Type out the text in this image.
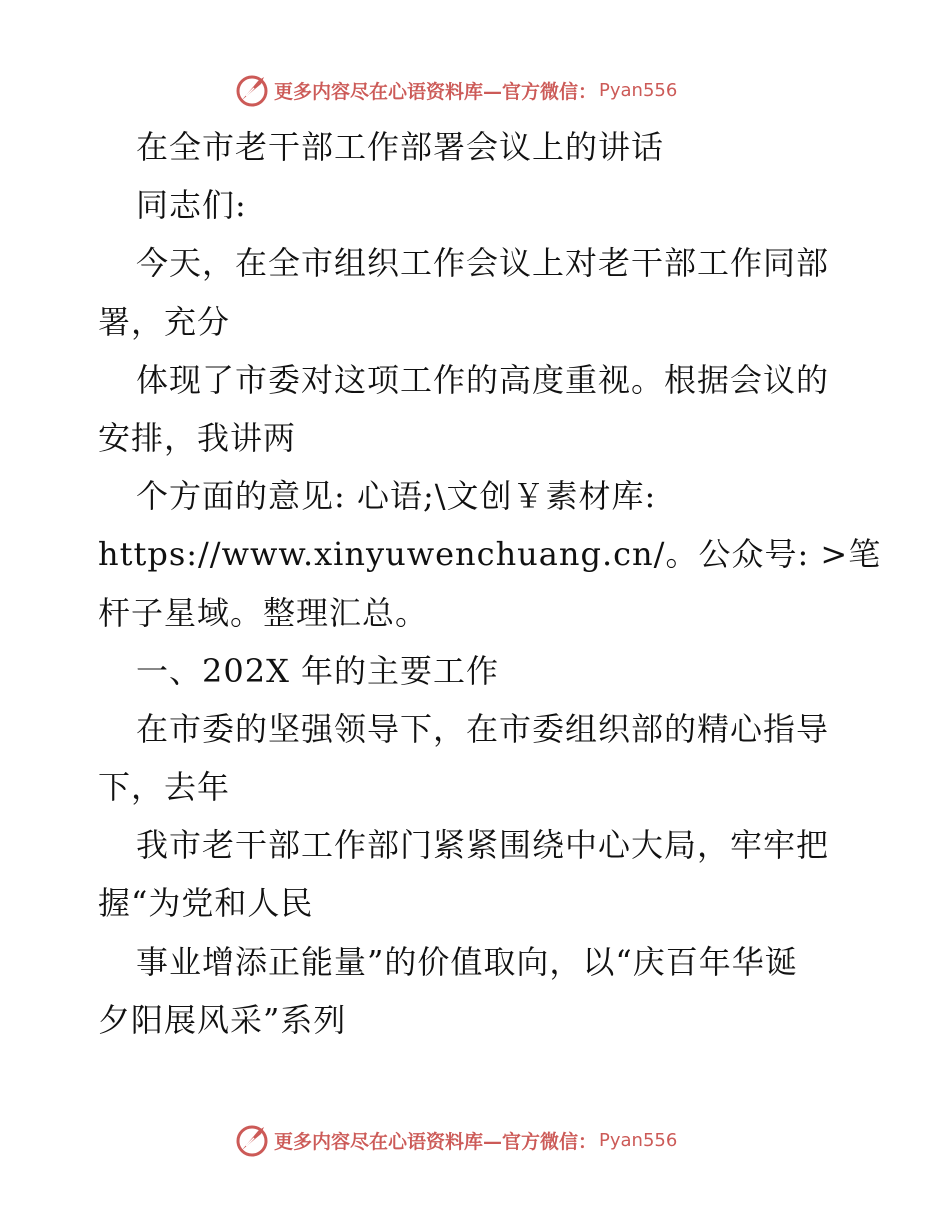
更多内容尽在心语资料库—官方微信： Pyan556
在全市老干部工作部署会议上的讲话
同志们:
今天，在全市组织工作会议上对老干部工作同部
署，充分
体现了市委对这项工作的高度重视。根据会议的
安排，我讲两
个方面的意见: 心语;\文创￥素材库:
https://www.xinyuwenchuang.cn/。公众号: >笔
杆子星域。整理汇总。
一、202X 年的主要工作
在市委的坚强领导下，在市委组织部的精心指导
下，去年
我市老干部工作部门紧紧围绕中心大局，牢牢把
握“为党和人民
事业增添正能量”的价值取向，以“庆百年华诞
夕阳展风采”系列
更多内容尽在心语资料库—官方微信： Pyan556
